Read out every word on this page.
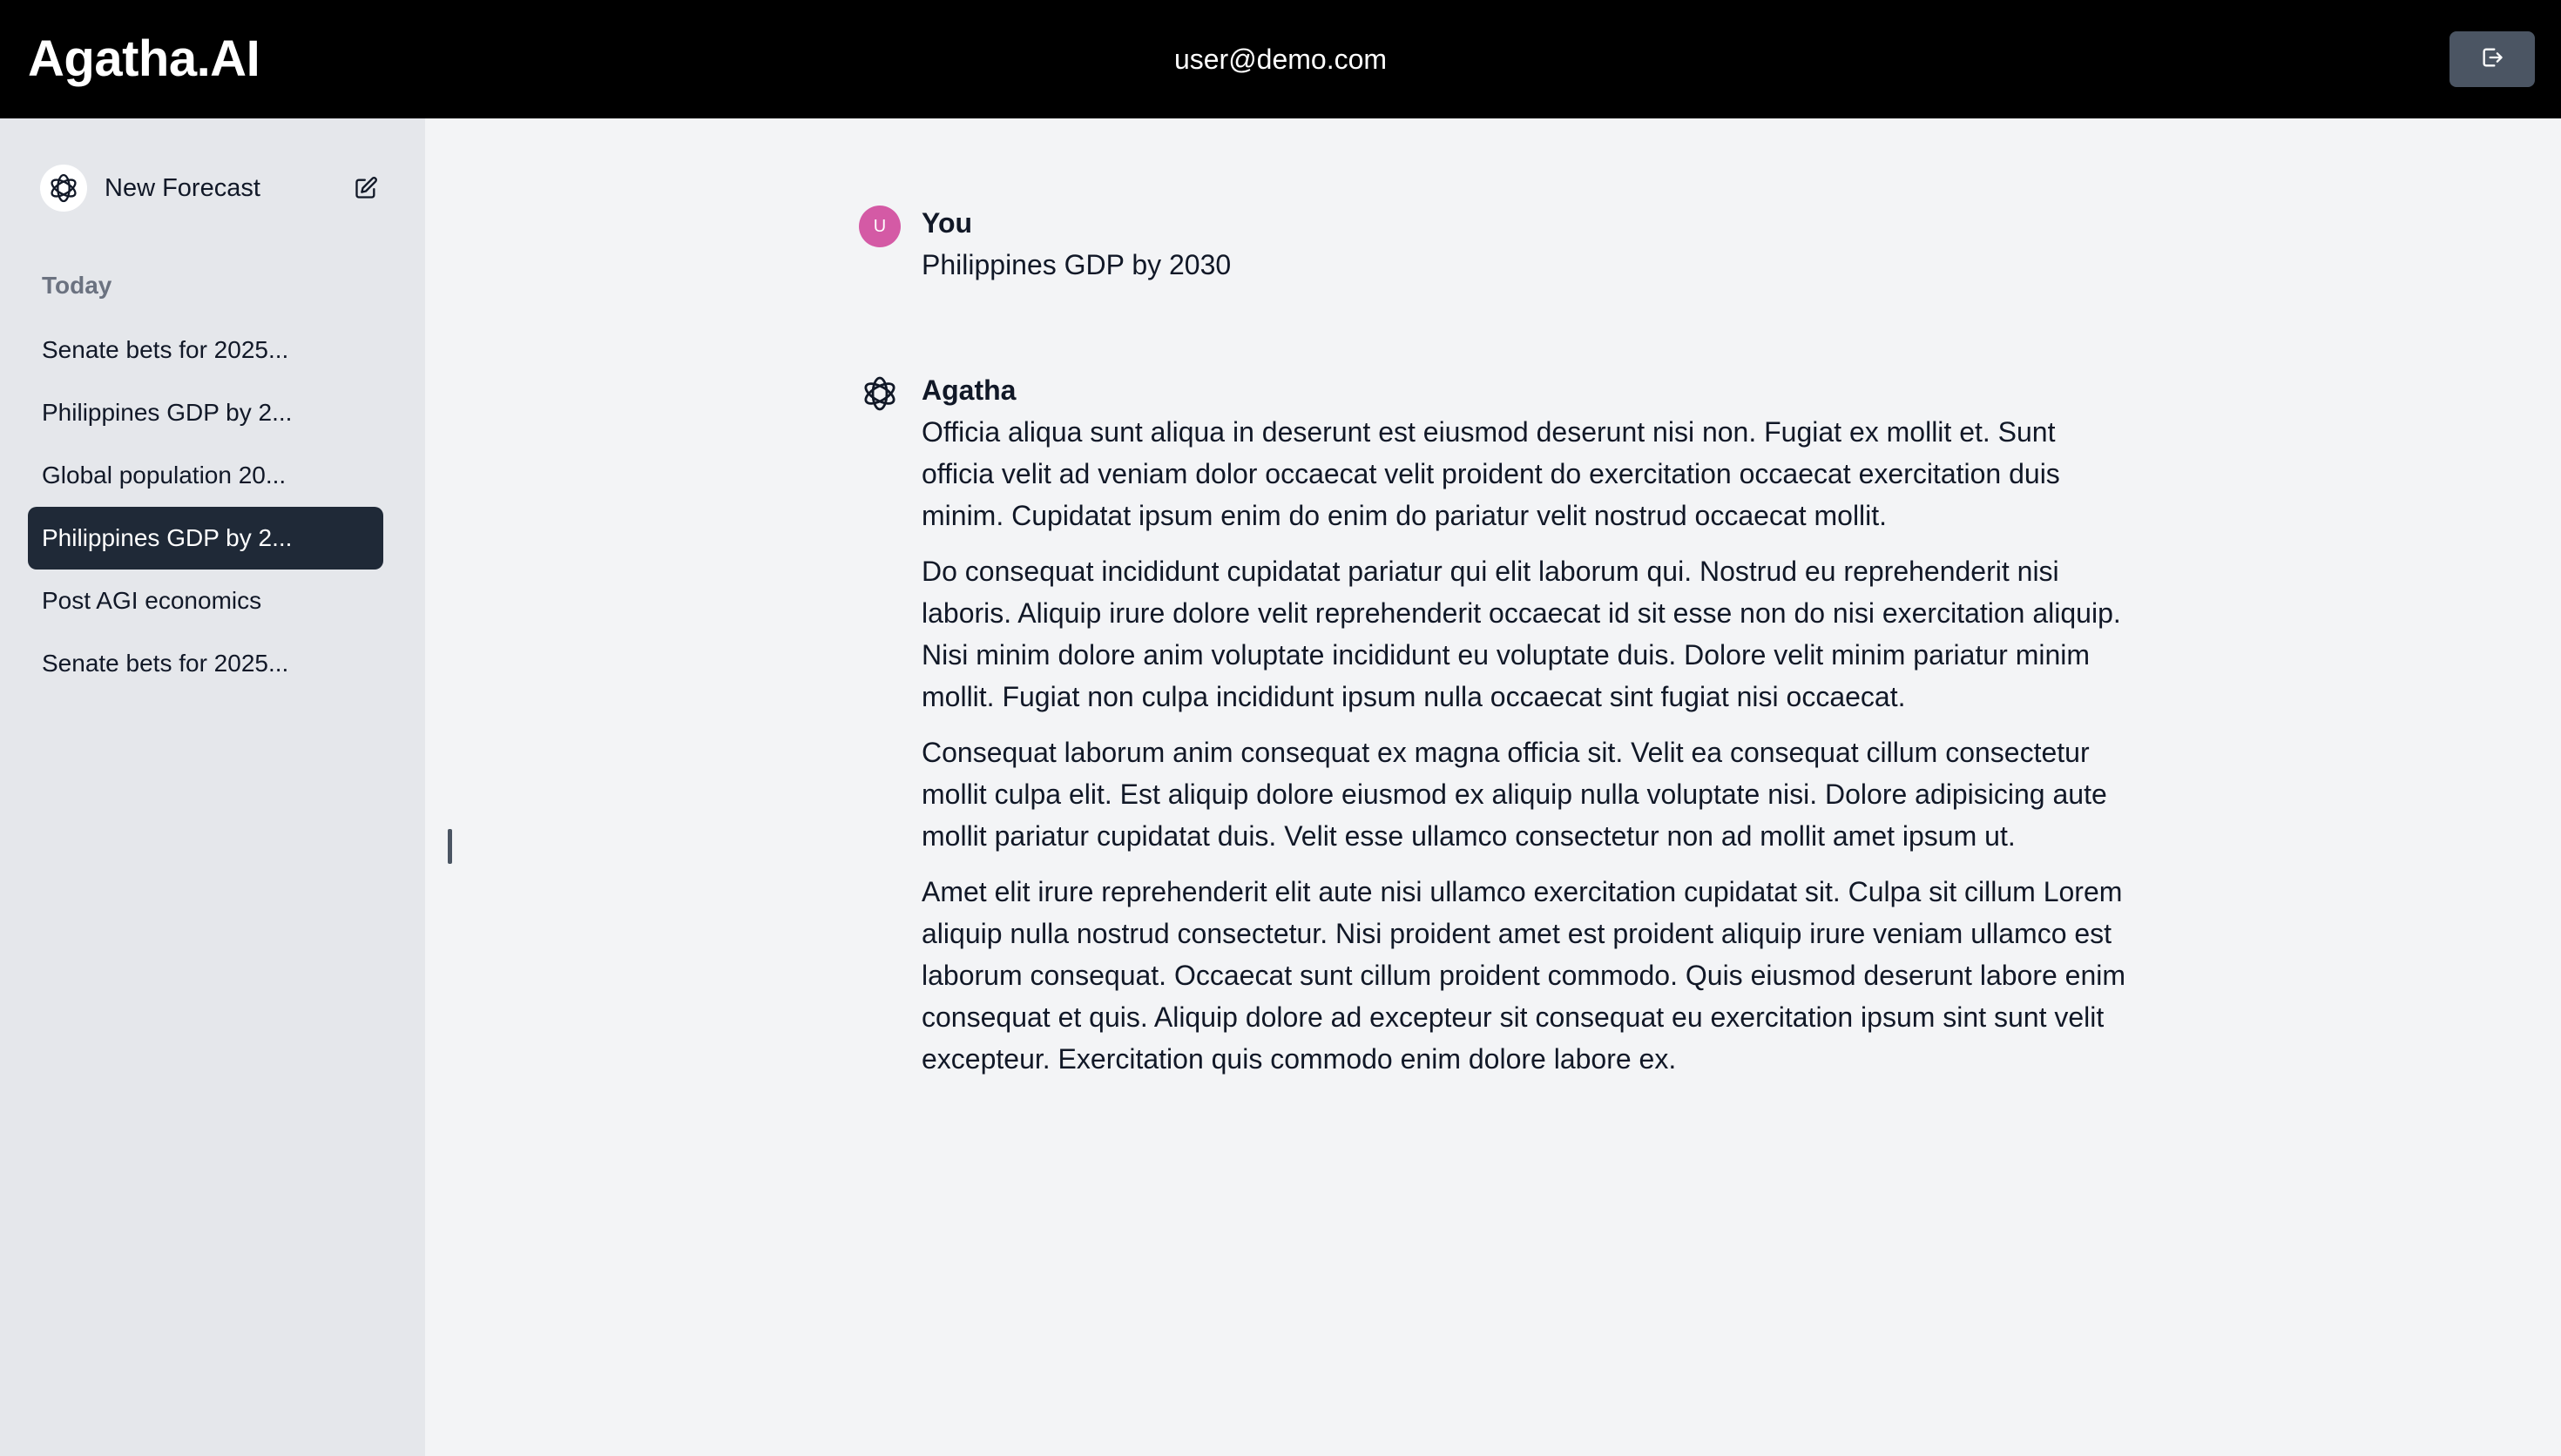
Agatha.AI	user@demo.com
New Forecast
Today
Senate bets for 2025...
Philippines GDP by 2...
Global population 20...
Philippines GDP by 2...
Post AGI economics
Senate bets for 2025...
U	You
Philippines GDP by 2030
Agatha

Officia aliqua sunt aliqua in deserunt est eiusmod deserunt nisi non. Fugiat ex mollit et. Sunt officia velit ad veniam dolor occaecat velit proident do exercitation occaecat exercitation duis minim. Cupidatat ipsum enim do enim do pariatur velit nostrud occaecat mollit.

Do consequat incididunt cupidatat pariatur qui elit laborum qui. Nostrud eu reprehenderit nisi laboris. Aliquip irure dolore velit reprehenderit occaecat id sit esse non do nisi exercitation aliquip. Nisi minim dolore anim voluptate incididunt eu voluptate duis. Dolore velit minim pariatur minim mollit. Fugiat non culpa incididunt ipsum nulla occaecat sint fugiat nisi occaecat.

Consequat laborum anim consequat ex magna officia sit. Velit ea consequat cillum consectetur mollit culpa elit. Est aliquip dolore eiusmod ex aliquip nulla voluptate nisi. Dolore adipisicing aute mollit pariatur cupidatat duis. Velit esse ullamco consectetur non ad mollit amet ipsum ut.

Amet elit irure reprehenderit elit aute nisi ullamco exercitation cupidatat sit. Culpa sit cillum Lorem aliquip nulla nostrud consectetur. Nisi proident amet est proident aliquip irure veniam ullamco est laborum consequat. Occaecat sunt cillum proident commodo. Quis eiusmod deserunt labore enim consequat et quis. Aliquip dolore ad excepteur sit consequat eu exercitation ipsum sint sunt velit excepteur. Exercitation quis commodo enim dolore labore ex.
